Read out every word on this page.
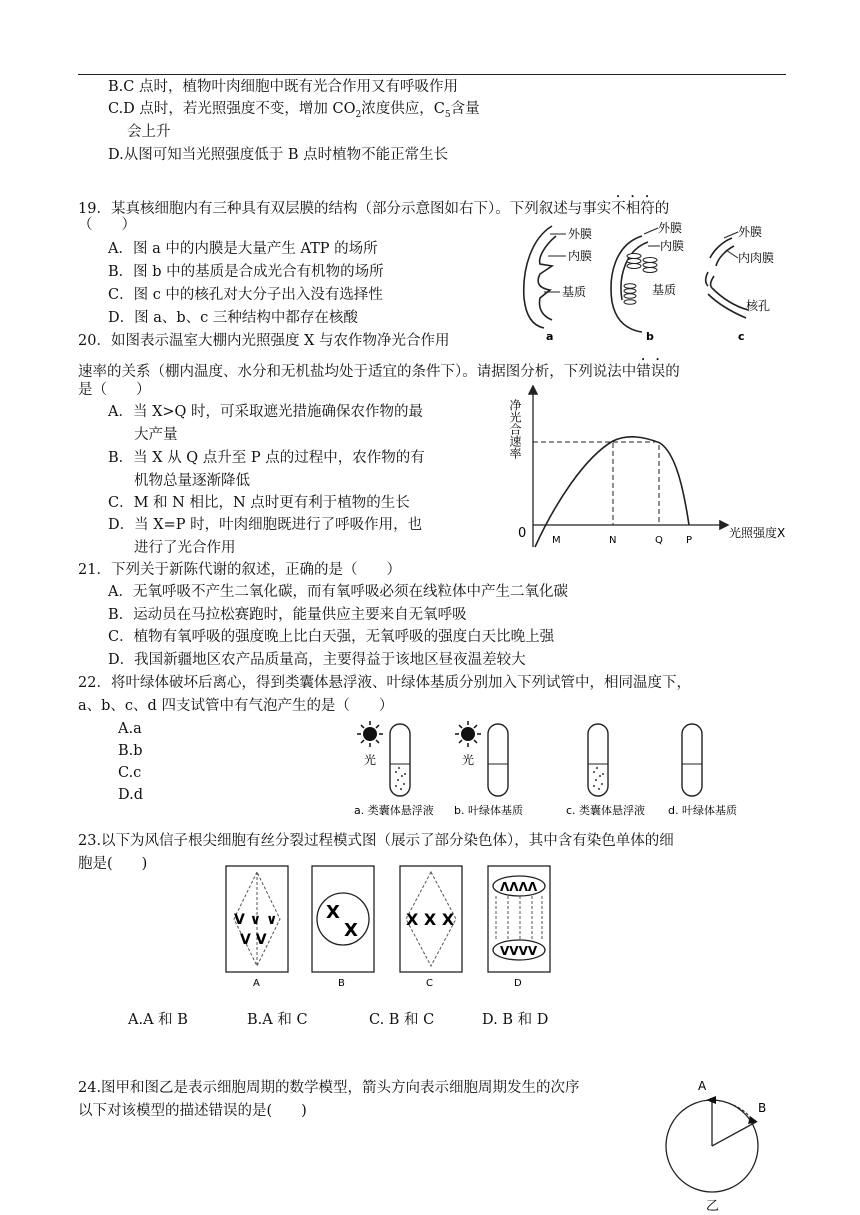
B.C 点时，植物叶肉细胞中既有光合作用又有呼吸作用
C.D 点时，若光照强度不变，增加 $CO_2$浓度供应，$C_5$含量
会上升
D.从图可知当光照强度低于 B 点时植物不能正常生长
19．某真核细胞内有三种具有双层膜的结构（部分示意图如右下）。下列叙述与事实不相符的
（　　）
A．图 a 中的内膜是大量产生 ATP 的场所
B．图 b 中的基质是合成光合有机物的场所
C．图 c 中的核孔对大分子出入没有选择性
D．图 a、b、c 三种结构中都存在核酸
外膜
内膜
基质
a
外膜
内膜
基质
b
外膜
内肉膜
核孔
c
20．如图表示温室大棚内光照强度 X 与农作物净光合作用
速率的关系（棚内温度、水分和无机盐均处于适宜的条件下）。请据图分析，下列说法中错误的
是（　　）
A．当 X>Q 时，可采取遮光措施确保农作物的最
大产量
B．当 X 从 Q 点升至 P 点的过程中，农作物的有
机物总量逐渐降低
C．M 和 N 相比，N 点时更有利于植物的生长
D．当 X=P 时，叶肉细胞既进行了呼吸作用，也
进行了光合作用
净光合速率
0	M	N	Q P
光照强度X
21．下列关于新陈代谢的叙述，正确的是（　　）
A．无氧呼吸不产生二氧化碳，而有氧呼吸必须在线粒体中产生二氧化碳
B．运动员在马拉松赛跑时，能量供应主要来自无氧呼吸
C．植物有氧呼吸的强度晚上比白天强，无氧呼吸的强度白天比晚上强
D．我国新疆地区农产品质量高，主要得益于该地区昼夜温差较大
22．将叶绿体破坏后离心，得到类囊体悬浮液、叶绿体基质分别加入下列试管中，相同温度下，
a、b、c、d 四支试管中有气泡产生的是（　　）
A.a
B.b
C.c
D.d
光	光
a. 类囊体悬浮液 b. 叶绿体基质	c. 类囊体悬浮液 d. 叶绿体基质
23.以下为风信子根尖细胞有丝分裂过程模式图（展示了部分染色体），其中含有染色单体的细
胞是(　　)
V ∨ ∨
V V
A
X
X
B
X X X
C
ΛΛΛΛ
VVVV
D
A.A 和 B	B.A 和 C	C. B 和 C	D. B 和 D
24.图甲和图乙是表示细胞周期的数学模型，箭头方向表示细胞周期发生的次序
以下对该模型的描述错误的是(　　)
A
B
乙
